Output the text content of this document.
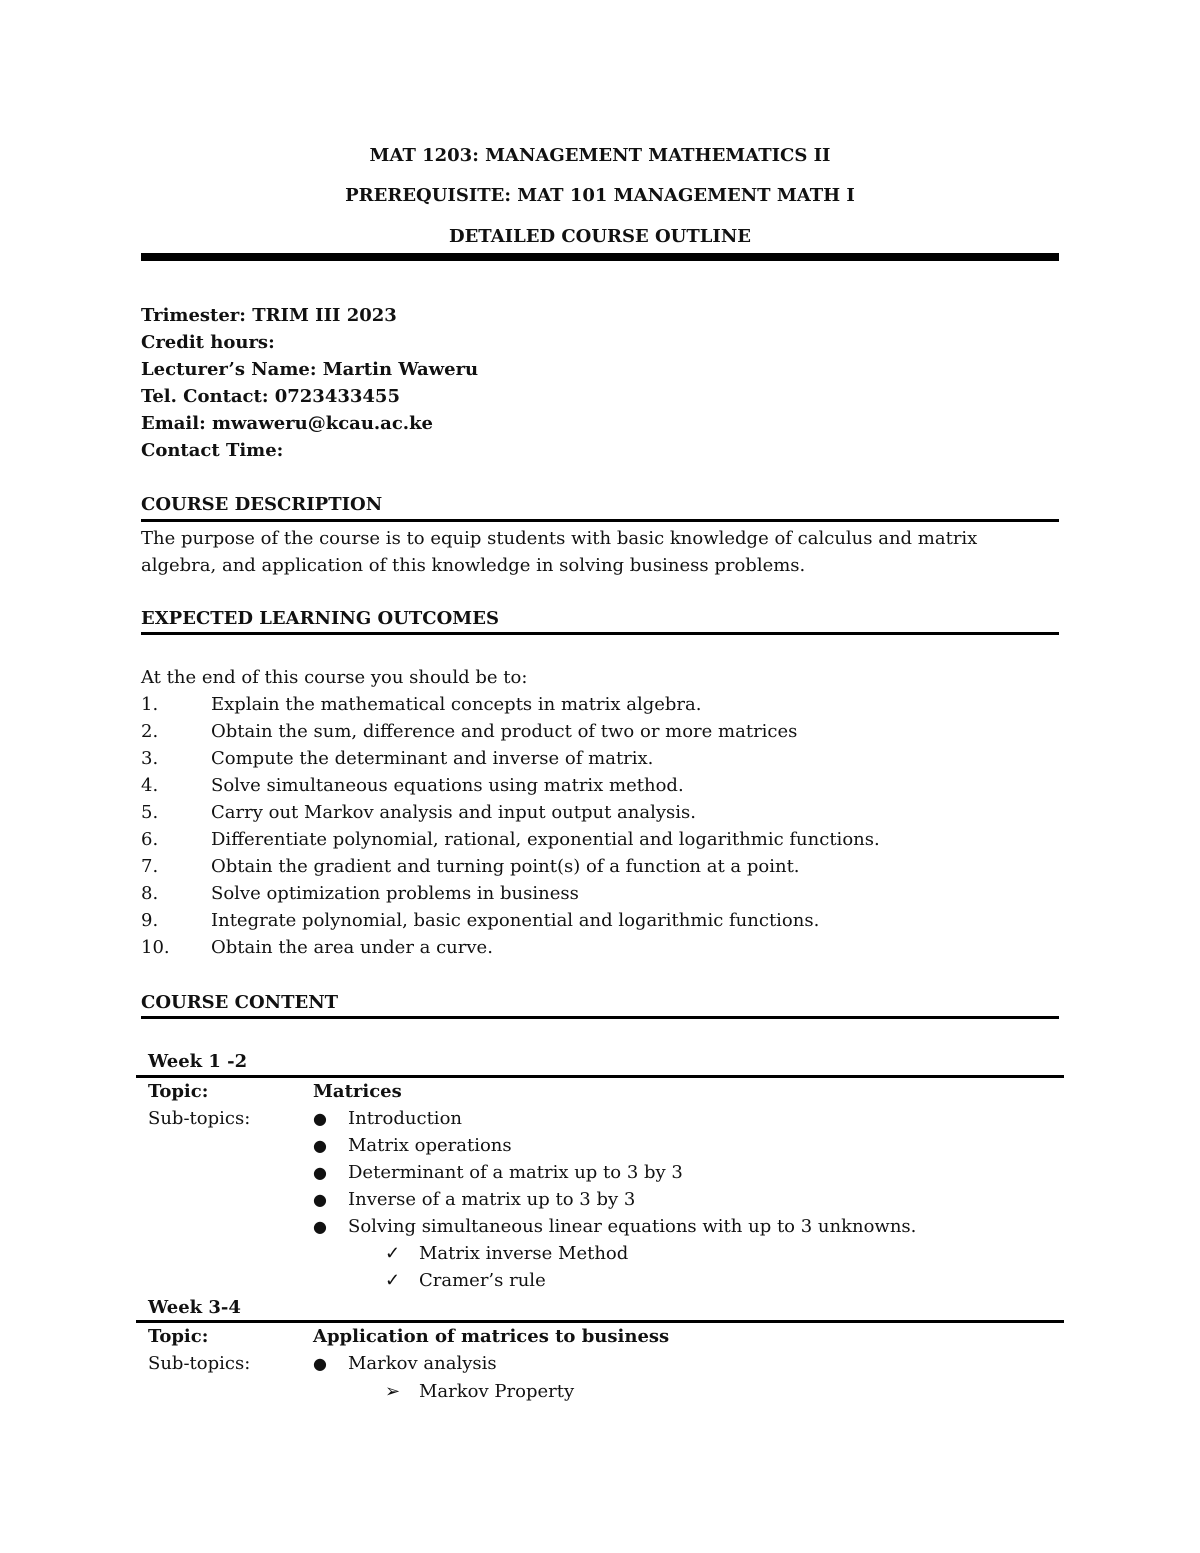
MAT 1203: MANAGEMENT MATHEMATICS II
PREREQUISITE: MAT 101 MANAGEMENT MATH I
DETAILED COURSE OUTLINE
Trimester: TRIM III 2023
Credit hours:
Lecturer’s Name: Martin Waweru
Tel. Contact: 0723433455
Email: mwaweru@kcau.ac.ke
Contact Time:
COURSE DESCRIPTION
The purpose of the course is to equip students with basic knowledge of calculus and matrix
algebra, and application of this knowledge in solving business problems.
EXPECTED LEARNING OUTCOMES
At the end of this course you should be to:
1.	Explain the mathematical concepts in matrix algebra.
2.	Obtain the sum, difference and product of two or more matrices
3.	Compute the determinant and inverse of matrix.
4.	Solve simultaneous equations using matrix method.
5.	Carry out Markov analysis and input output analysis.
6.	Differentiate polynomial, rational, exponential and logarithmic functions.
7.	Obtain the gradient and turning point(s) of a function at a point.
8.	Solve optimization problems in business
9.	Integrate polynomial, basic exponential and logarithmic functions.
10. Obtain the area under a curve.
COURSE CONTENT
Week 1 -2
Topic:	Matrices
Sub-topics:	● Introduction
● Matrix operations
● Determinant of a matrix up to 3 by 3
● Inverse of a matrix up to 3 by 3
● Solving simultaneous linear equations with up to 3 unknowns.
✓ Matrix inverse Method
✓ Cramer’s rule
Week 3-4
Topic:	Application of matrices to business
Sub-topics:	● Markov analysis
➢ Markov Property
